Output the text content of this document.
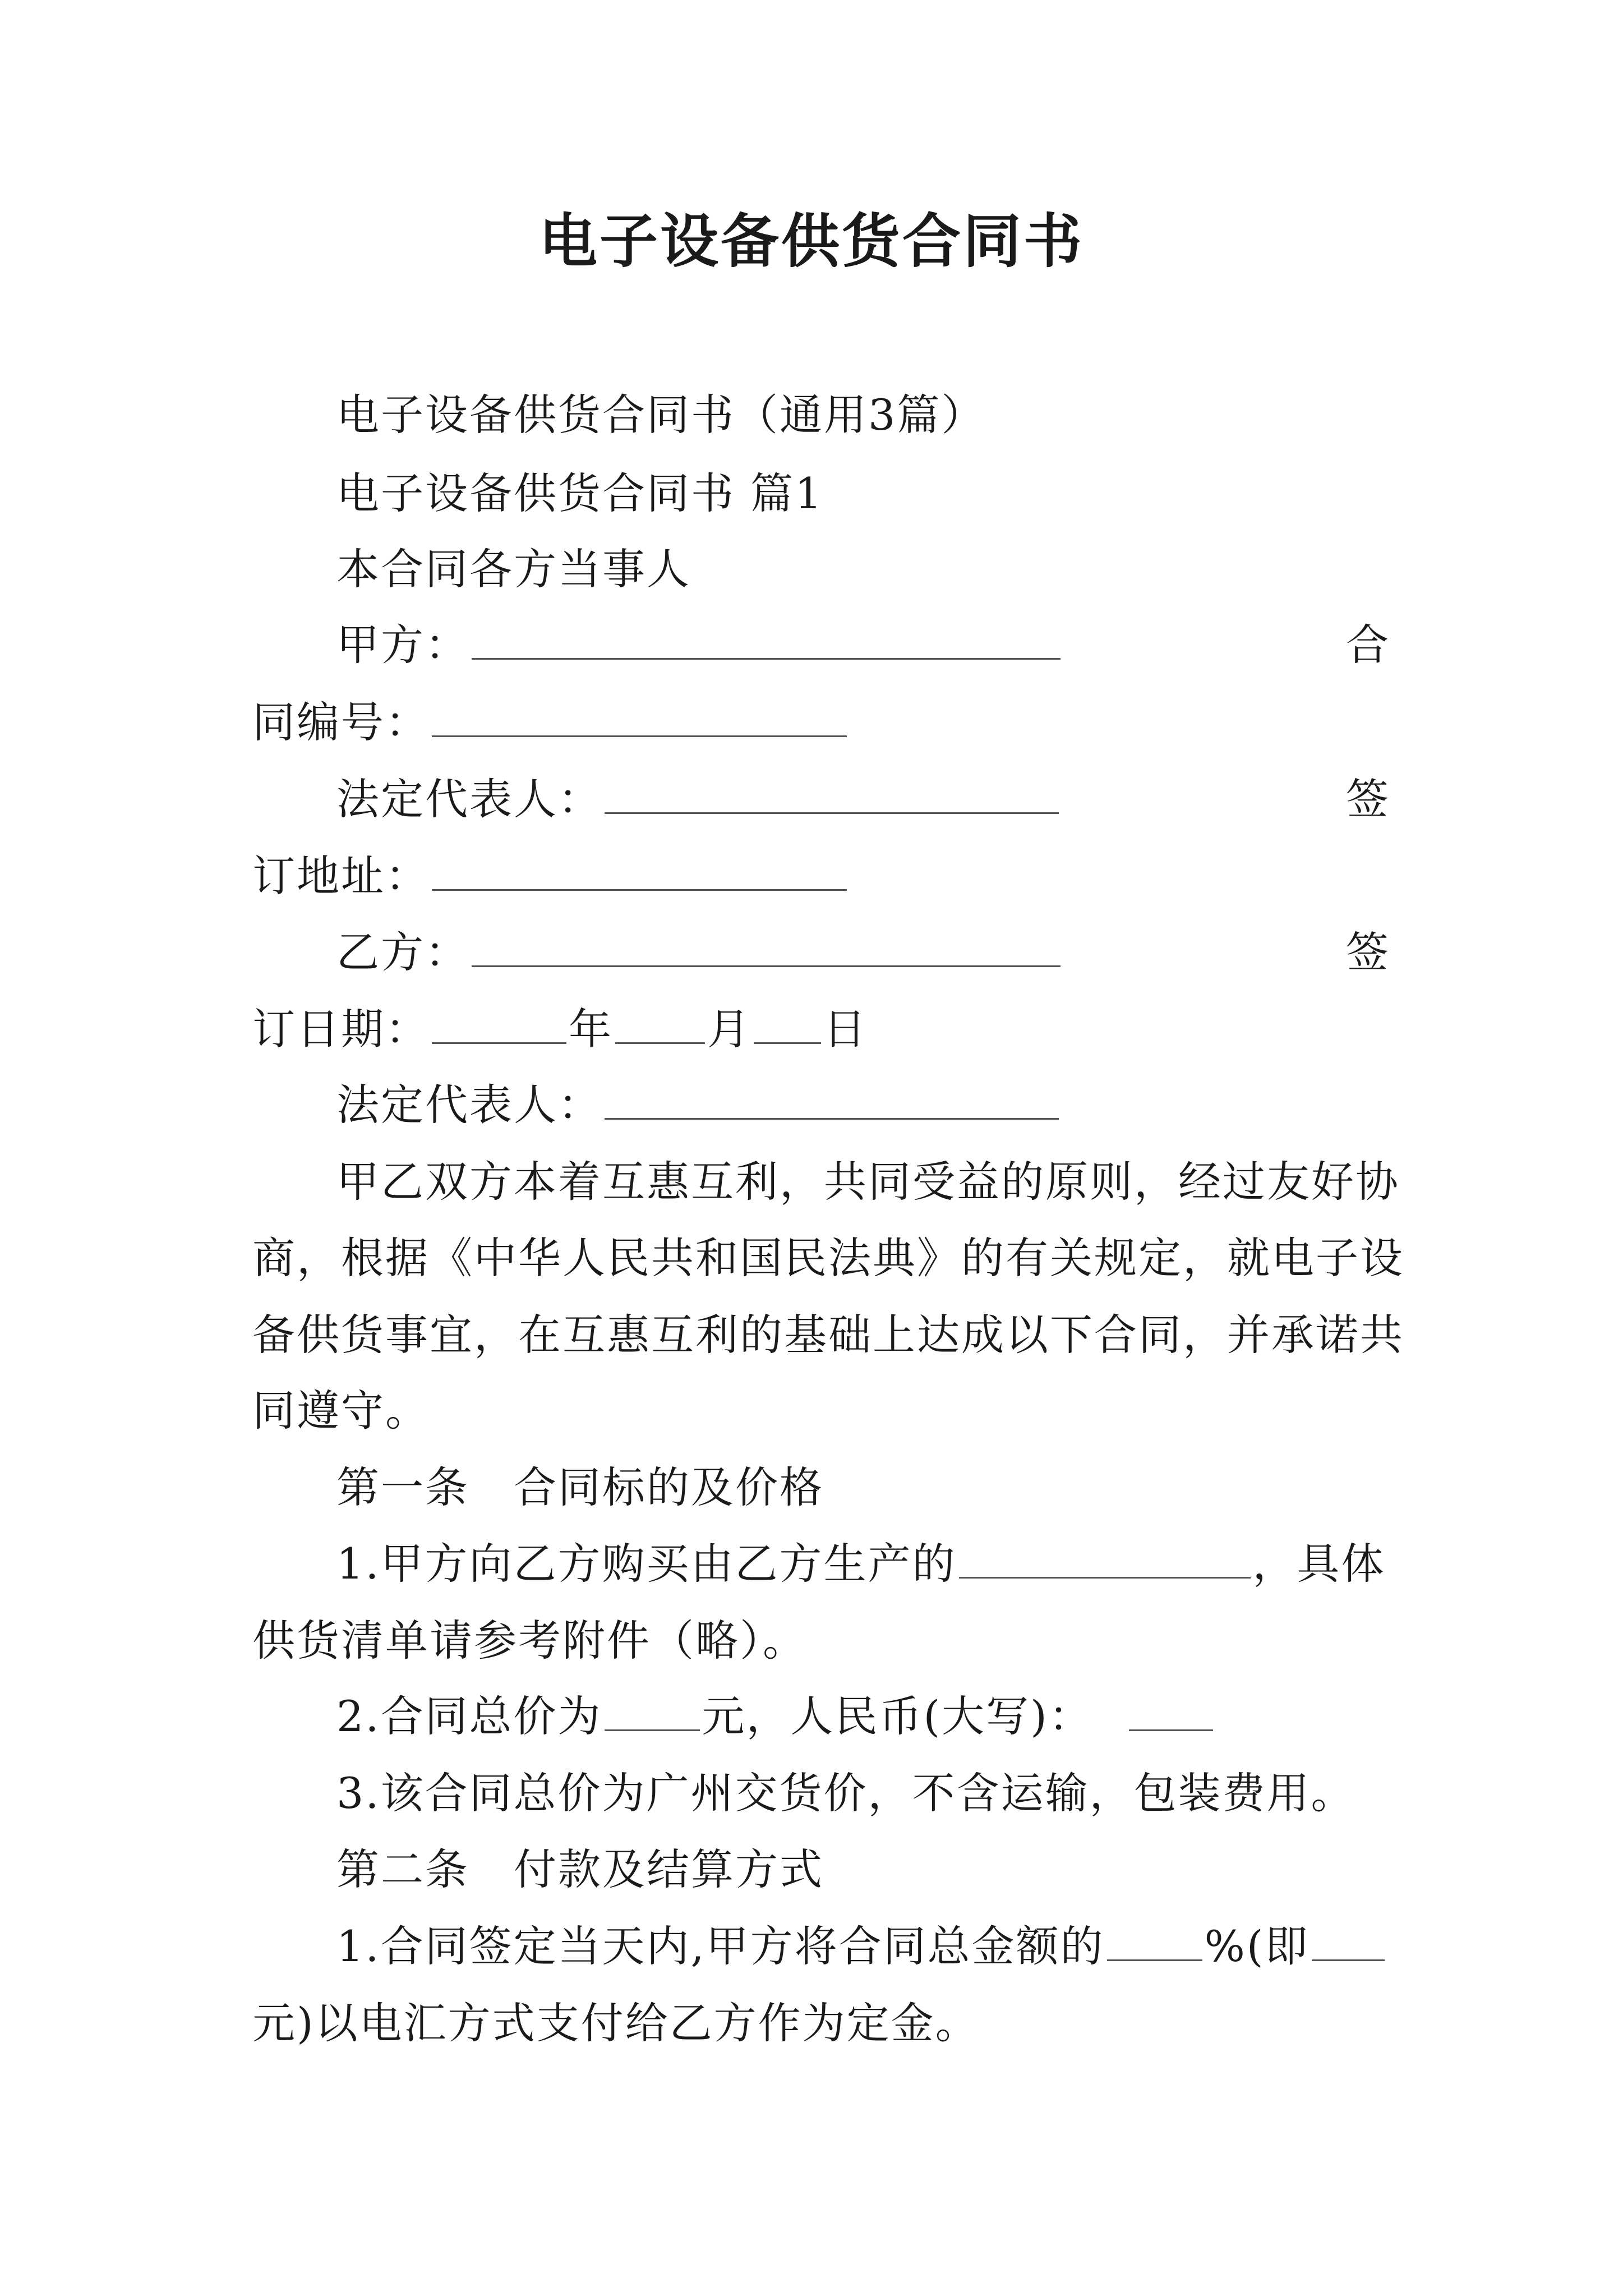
电子设备供货合同书
电子设备供货合同书（通用3篇）
电子设备供货合同书 篇1
本合同各方当事人
甲方：	合
同编号：
法定代表人：	签
订地址：
乙方：	签
订日期：	年 月 日
法定代表人：
甲乙双方本着互惠互利，共同受益的原则，经过友好协
商，根据《中华人民共和国民法典》的有关规定，就电子设
备供货事宜，在互惠互利的基础上达成以下合同，并承诺共
同遵守。
第一条　合同标的及价格
1.甲方向乙方购买由乙方生产的	，具体
供货清单请参考附件（略）。
2.合同总价为 元，人民币(大写)：
3.该合同总价为广州交货价，不含运输，包装费用。
第二条　付款及结算方式
1.合同签定当天内,甲方将合同总金额的 %(即
元)以电汇方式支付给乙方作为定金。
